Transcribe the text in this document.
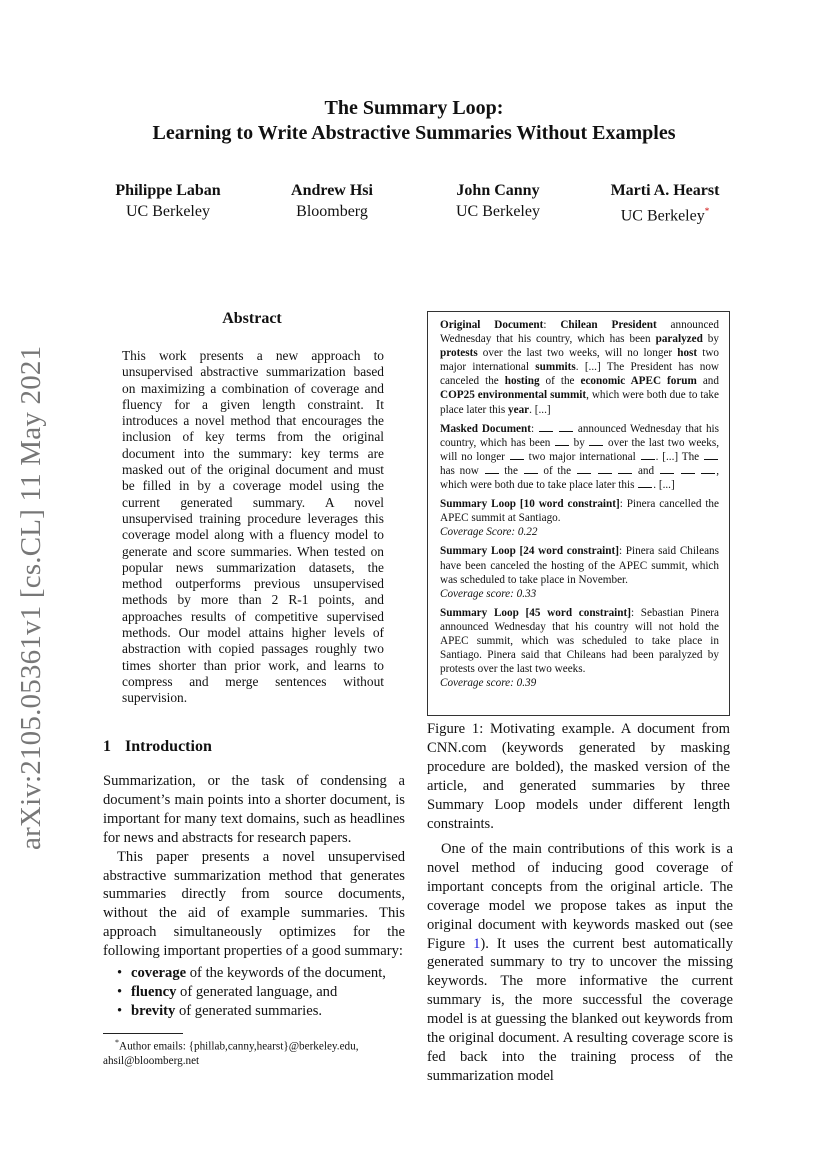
The Summary Loop:
Learning to Write Abstractive Summaries Without Examples
Philippe Laban
UC Berkeley
Andrew Hsi
Bloomberg
John Canny
UC Berkeley
Marti A. Hearst
UC Berkeley*
arXiv:2105.05361v1 [cs.CL] 11 May 2021
Abstract
This work presents a new approach to unsupervised abstractive summarization based on maximizing a combination of coverage and fluency for a given length constraint. It introduces a novel method that encourages the inclusion of key terms from the original document into the summary: key terms are masked out of the original document and must be filled in by a coverage model using the current generated summary. A novel unsupervised training procedure leverages this coverage model along with a fluency model to generate and score summaries. When tested on popular news summarization datasets, the method outperforms previous unsupervised methods by more than 2 R-1 points, and approaches results of competitive supervised methods. Our model attains higher levels of abstraction with copied passages roughly two times shorter than prior work, and learns to compress and merge sentences without supervision.
1 Introduction

Summarization, or the task of condensing a document’s main points into a shorter document, is important for many text domains, such as headlines for news and abstracts for research papers.

This paper presents a novel unsupervised abstractive summarization method that generates summaries directly from source documents, without the aid of example summaries. This approach simultaneously optimizes for the following important properties of a good summary:

• coverage of the keywords of the document,
• fluency of generated language, and
• brevity of generated summaries.
*Author emails: {phillab,canny,hearst}@berkeley.edu, ahsil@bloomberg.net

Original Document: Chilean President announced Wednesday that his country, which has been paralyzed by protests over the last two weeks, will no longer host two major international summits. [...] The President has now canceled the hosting of the economic APEC forum and COP25 environmental summit, which were both due to take place later this year. [...]

Masked Document:	announced Wednesday that his country, which has been  by  over the last two weeks, will no longer  two major international . [...] The  has now  the  of the	and	, which were both due to take place later this . [...]

Summary Loop [10 word constraint]: Pinera cancelled the APEC summit at Santiago.
Coverage Score: 0.22

Summary Loop [24 word constraint]: Pinera said Chileans have been canceled the hosting of the APEC summit, which was scheduled to take place in November.
Coverage score: 0.33

Summary Loop [45 word constraint]: Sebastian Pinera announced Wednesday that his country will not hold the APEC summit, which was scheduled to take place in Santiago. Pinera said that Chileans had been paralyzed by protests over the last two weeks.
Coverage score: 0.39

Figure 1: Motivating example. A document from CNN.com (keywords generated by masking procedure are bolded), the masked version of the article, and generated summaries by three Summary Loop models under different length constraints.
One of the main contributions of this work is a novel method of inducing good coverage of important concepts from the original article. The coverage model we propose takes as input the original document with keywords masked out (see Figure 1). It uses the current best automatically generated summary to try to uncover the missing keywords. The more informative the current summary is, the more successful the coverage model is at guessing the blanked out keywords from the original document. A resulting coverage score is fed back into the training process of the summarization model
